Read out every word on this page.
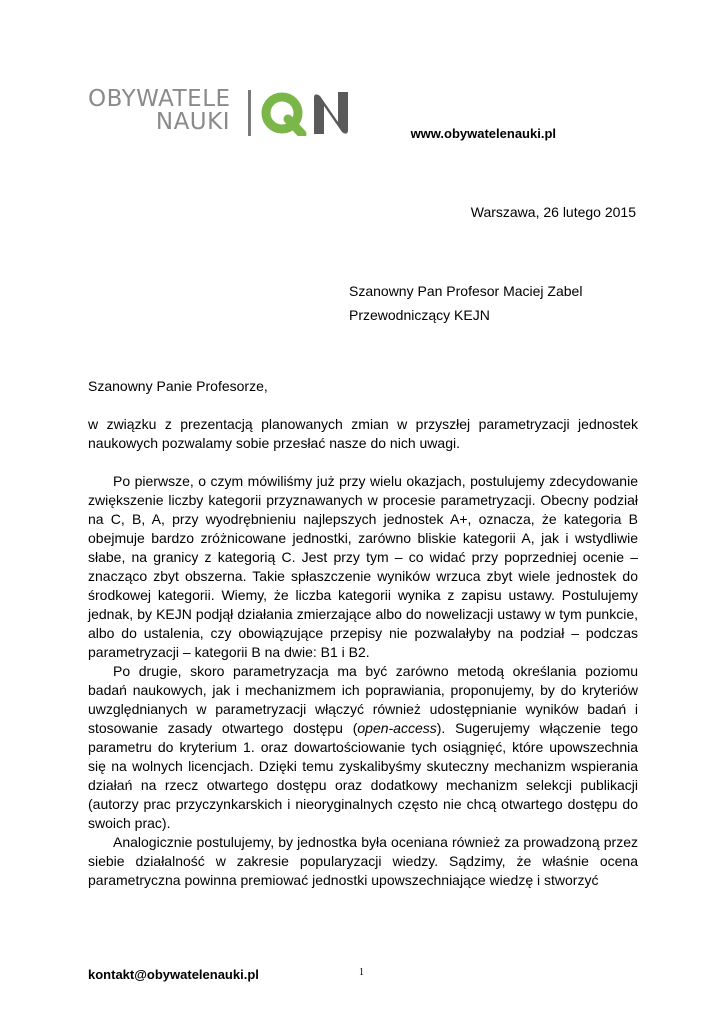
OBYWATELE
NAUKI	www.obywatelenauki.pl
Warszawa, 26 lutego 2015
Szanowny Pan Profesor Maciej Zabel
Przewodniczący KEJN
Szanowny Panie Profesorze,

w związku z prezentacją planowanych zmian w przyszłej parametryzacji jednostek naukowych pozwalamy sobie przesłać nasze do nich uwagi.

Po pierwsze, o czym mówiliśmy już przy wielu okazjach, postulujemy zdecydowanie zwiększenie liczby kategorii przyznawanych w procesie parametryzacji. Obecny podział na C, B, A, przy wyodrębnieniu najlepszych jednostek A+, oznacza, że kategoria B obejmuje bardzo zróżnicowane jednostki, zarówno bliskie kategorii A, jak i wstydliwie słabe, na granicy z kategorią C. Jest przy tym – co widać przy poprzedniej ocenie – znacząco zbyt obszerna. Takie spłaszczenie wyników wrzuca zbyt wiele jednostek do środkowej kategorii. Wiemy, że liczba kategorii wynika z zapisu ustawy. Postulujemy jednak, by KEJN podjął działania zmierzające albo do nowelizacji ustawy w tym punkcie, albo do ustalenia, czy obowiązujące przepisy nie pozwalałyby na podział – podczas parametryzacji – kategorii B na dwie: B1 i B2.

Po drugie, skoro parametryzacja ma być zarówno metodą określania poziomu badań naukowych, jak i mechanizmem ich poprawiania, proponujemy, by do kryteriów uwzględnianych w parametryzacji włączyć również udostępnianie wyników badań i stosowanie zasady otwartego dostępu (open-access). Sugerujemy włączenie tego parametru do kryterium 1. oraz dowartościowanie tych osiągnięć, które upowszechnia się na wolnych licencjach. Dzięki temu zyskalibyśmy skuteczny mechanizm wspierania działań na rzecz otwartego dostępu oraz dodatkowy mechanizm selekcji publikacji (autorzy prac przyczynkarskich i nieoryginalnych często nie chcą otwartego dostępu do swoich prac).

Analogicznie postulujemy, by jednostka była oceniana również za prowadzoną przez siebie działalność w zakresie popularyzacji wiedzy. Sądzimy, że właśnie ocena parametryczna powinna premiować jednostki upowszechniające wiedzę i stworzyć

kontakt@obywatelenauki.pl	1
